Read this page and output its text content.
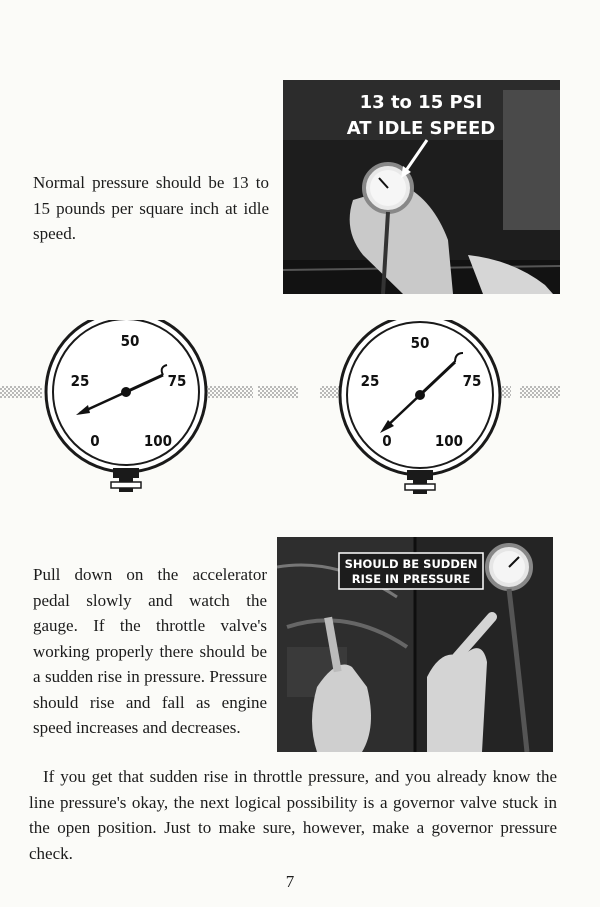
Normal pressure should be 13 to 15 pounds per square inch at idle speed.
13 to 15 PSI
AT IDLE SPEED
50
25	75
0	100
50
25	75
0	100
Pull down on the accelerator pedal slowly and watch the gauge. If the throttle valve's working properly there should be a sudden rise in pressure. Pressure should rise and fall as engine speed increases and decreases.
SHOULD BE SUDDEN
RISE IN PRESSURE
If you get that sudden rise in throttle pressure, and you already know the line pressure's okay, the next logical possibility is a governor valve stuck in the open position. Just to make sure, however, make a governor pressure check.
7
